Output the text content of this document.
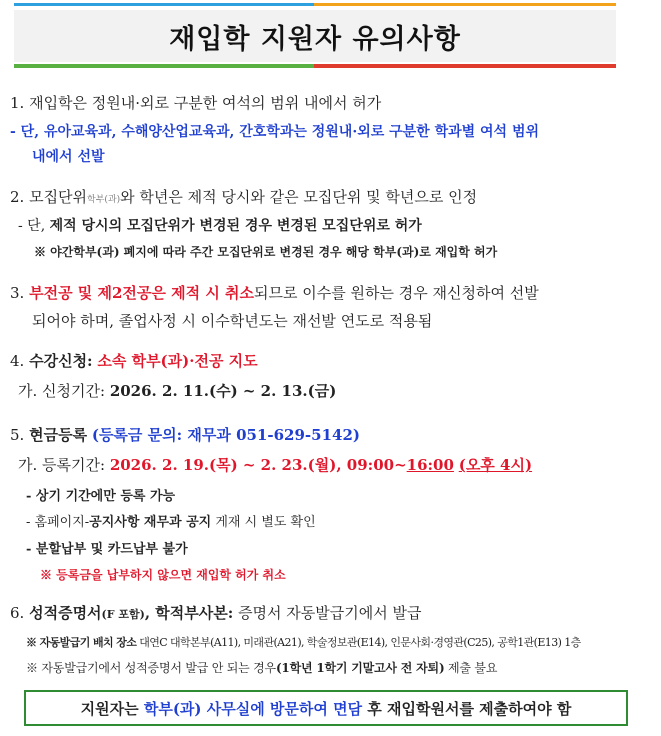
재입학 지원자 유의사항
1. 재입학은 정원내·외로 구분한 여석의 범위 내에서 허가
- 단, 유아교육과, 수해양산업교육과, 간호학과는 정원내·외로 구분한 학과별 여석 범위
내에서 선발
2. 모집단위학부(과)와 학년은 제적 당시와 같은 모집단위 및 학년으로 인정
- 단, 제적 당시의 모집단위가 변경된 경우 변경된 모집단위로 허가
※ 야간학부(과) 폐지에 따라 주간 모집단위로 변경된 경우 해당 학부(과)로 재입학 허가
3. 부전공 및 제2전공은 제적 시 취소되므로 이수를 원하는 경우 재신청하여 선발
되어야 하며, 졸업사정 시 이수학년도는 재선발 연도로 적용됨
4. 수강신청: 소속 학부(과)·전공 지도
가. 신청기간: 2026. 2. 11.(수) ~ 2. 13.(금)
5. 현금등록 (등록금 문의: 재무과 051-629-5142)
가. 등록기간: 2026. 2. 19.(목) ~ 2. 23.(월), 09:00~16:00 (오후 4시)
- 상기 기간에만 등록 가능
- 홈페이지-공지사항 재무과 공지 게재 시 별도 확인
- 분할납부 및 카드납부 불가
※ 등록금을 납부하지 않으면 재입학 허가 취소
6. 성적증명서(F 포함), 학적부사본: 증명서 자동발급기에서 발급
※ 자동발급기 배치 장소 대연C 대학본부(A11), 미래관(A21), 학술정보관(E14), 인문사회·경영관(C25), 공학1관(E13) 1층
※ 자동발급기에서 성적증명서 발급 안 되는 경우(1학년 1학기 기말고사 전 자퇴) 제출 불요
지원자는 학부(과) 사무실에 방문하여 면담 후 재입학원서를 제출하여야 함
